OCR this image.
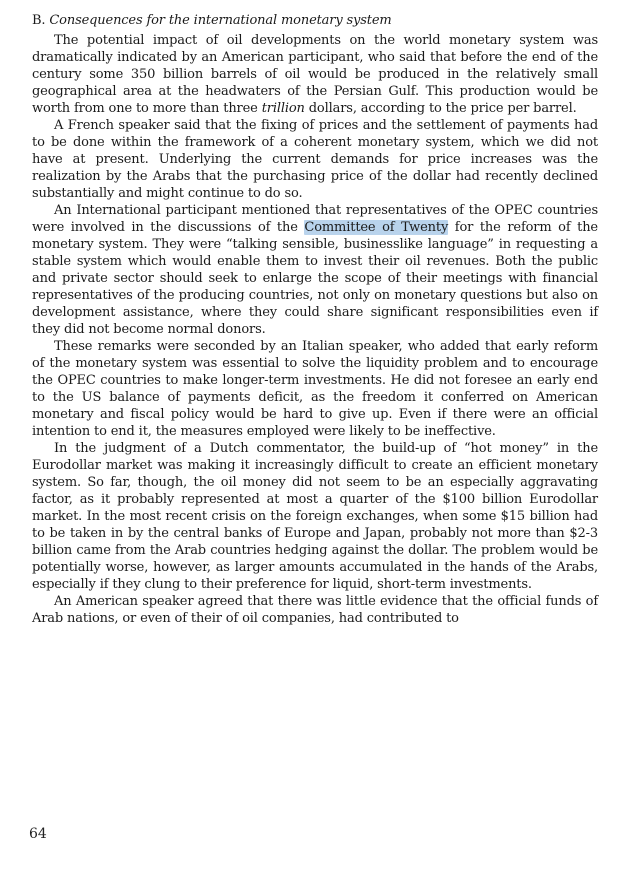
B. Consequences for the international monetary system

The potential impact of oil developments on the world monetary system was dramatically indicated by an American participant, who said that before the end of the century some 350 billion barrels of oil would be produced in the relatively small geographical area at the headwaters of the Persian Gulf. This production would be worth from one to more than three trillion dollars, according to the price per barrel.

A French speaker said that the fixing of prices and the settlement of payments had to be done within the framework of a coherent monetary system, which we did not have at present. Underlying the current demands for price increases was the realization by the Arabs that the purchasing price of the dollar had recently declined substantially and might continue to do so.

An International participant mentioned that representatives of the OPEC countries were involved in the discussions of the Committee of Twenty for the reform of the monetary system. They were “talking sensible, businesslike language” in requesting a stable system which would enable them to invest their oil revenues. Both the public and private sector should seek to enlarge the scope of their meetings with financial representatives of the producing countries, not only on monetary questions but also on development assistance, where they could share significant responsibilities even if they did not become normal donors.

These remarks were seconded by an Italian speaker, who added that early reform of the monetary system was essential to solve the liquidity problem and to encourage the OPEC countries to make longer-term investments. He did not foresee an early end to the US balance of payments deficit, as the freedom it conferred on American monetary and fiscal policy would be hard to give up. Even if there were an official intention to end it, the measures employed were likely to be ineffective.

In the judgment of a Dutch commentator, the build-up of “hot money” in the Eurodollar market was making it increasingly difficult to create an efficient monetary system. So far, though, the oil money did not seem to be an especially aggravating factor, as it probably represented at most a quarter of the $100 billion Eurodollar market. In the most recent crisis on the foreign exchanges, when some $15 billion had to be taken in by the central banks of Europe and Japan, probably not more than $2-3 billion came from the Arab countries hedging against the dollar. The problem would be potentially worse, however, as larger amounts accumulated in the hands of the Arabs, especially if they clung to their preference for liquid, short-term investments.

An American speaker agreed that there was little evidence that the official funds of Arab nations, or even of their of oil companies, had contributed to

64
